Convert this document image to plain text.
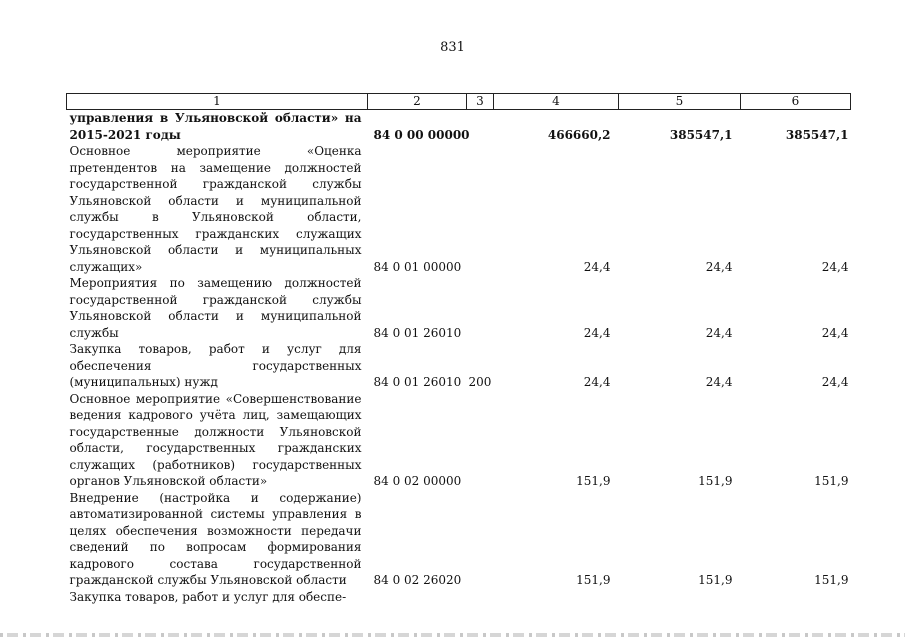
831
1	2	3	4	5	6
управления в Ульяновской области» на 2015-2021 годы	84 0 00 00000		466660,2	385547,1	385547,1
Основное мероприятие «Оценка претендентов на замещение должностей государственной гражданской службы Ульяновской области и муниципальной службы в Ульяновской области, государственных гражданских служащих Ульяновской области и муниципальных служащих»	84 0 01 00000		24,4	24,4	24,4
Мероприятия по замещению должностей государственной гражданской службы Ульяновской области и муниципальной службы	84 0 01 26010		24,4	24,4	24,4
Закупка товаров, работ и услуг для обеспечения государственных (муниципальных) нужд	84 0 01 26010	200	24,4	24,4	24,4
Основное мероприятие «Совершенствование ведения кадрового учёта лиц, замещающих государственные должности Ульяновской области, государственных гражданских служащих (работников) государственных органов Ульяновской области»	84 0 02 00000		151,9	151,9	151,9
Внедрение (настройка и содержание) автоматизированной системы управления в целях обеспечения возможности передачи сведений по вопросам формирования кадрового состава государственной гражданской службы Ульяновской области	84 0 02 26020		151,9	151,9	151,9
Закупка товаров, работ и услуг для обеспе-					
